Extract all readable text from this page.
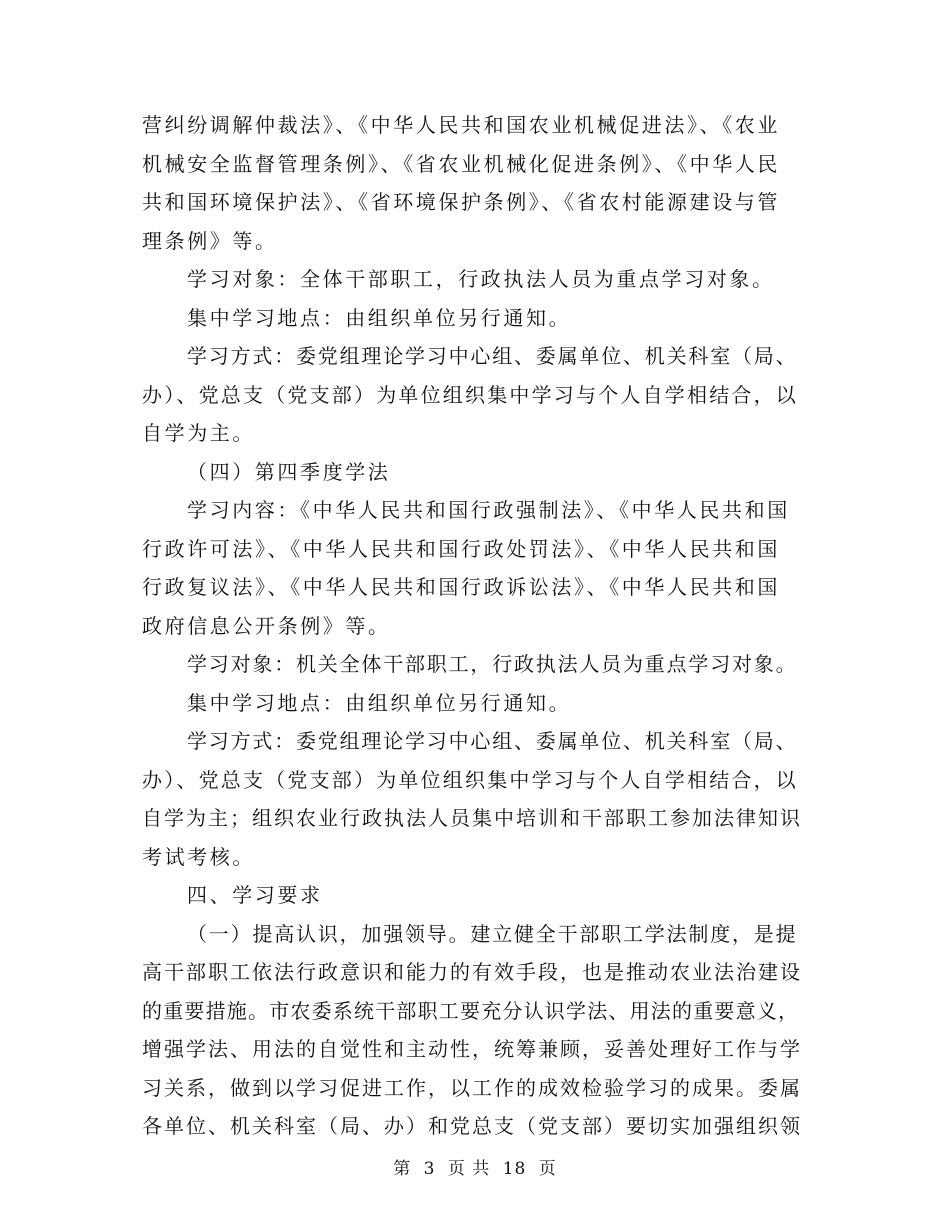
营纠纷调解仲裁法》、《中华人民共和国农业机械促进法》、《农业
机械安全监督管理条例》、《省农业机械化促进条例》、《中华人民
共和国环境保护法》、《省环境保护条例》、《省农村能源建设与管
理条例》等。
学习对象：全体干部职工，行政执法人员为重点学习对象。
集中学习地点：由组织单位另行通知。
学习方式：委党组理论学习中心组、委属单位、机关科室（局、
办）、党总支（党支部）为单位组织集中学习与个人自学相结合，以
自学为主。
（四）第四季度学法
学习内容：《中华人民共和国行政强制法》、《中华人民共和国
行政许可法》、《中华人民共和国行政处罚法》、《中华人民共和国
行政复议法》、《中华人民共和国行政诉讼法》、《中华人民共和国
政府信息公开条例》等。
学习对象：机关全体干部职工，行政执法人员为重点学习对象。
集中学习地点：由组织单位另行通知。
学习方式：委党组理论学习中心组、委属单位、机关科室（局、
办）、党总支（党支部）为单位组织集中学习与个人自学相结合，以
自学为主；组织农业行政执法人员集中培训和干部职工参加法律知识
考试考核。
四、学习要求
（一）提高认识，加强领导。建立健全干部职工学法制度，是提
高干部职工依法行政意识和能力的有效手段，也是推动农业法治建设
的重要措施。市农委系统干部职工要充分认识学法、用法的重要意义，
增强学法、用法的自觉性和主动性，统筹兼顾，妥善处理好工作与学
习关系，做到以学习促进工作，以工作的成效检验学习的成果。委属
各单位、机关科室（局、办）和党总支（党支部）要切实加强组织领
第 3 页 共 18 页
